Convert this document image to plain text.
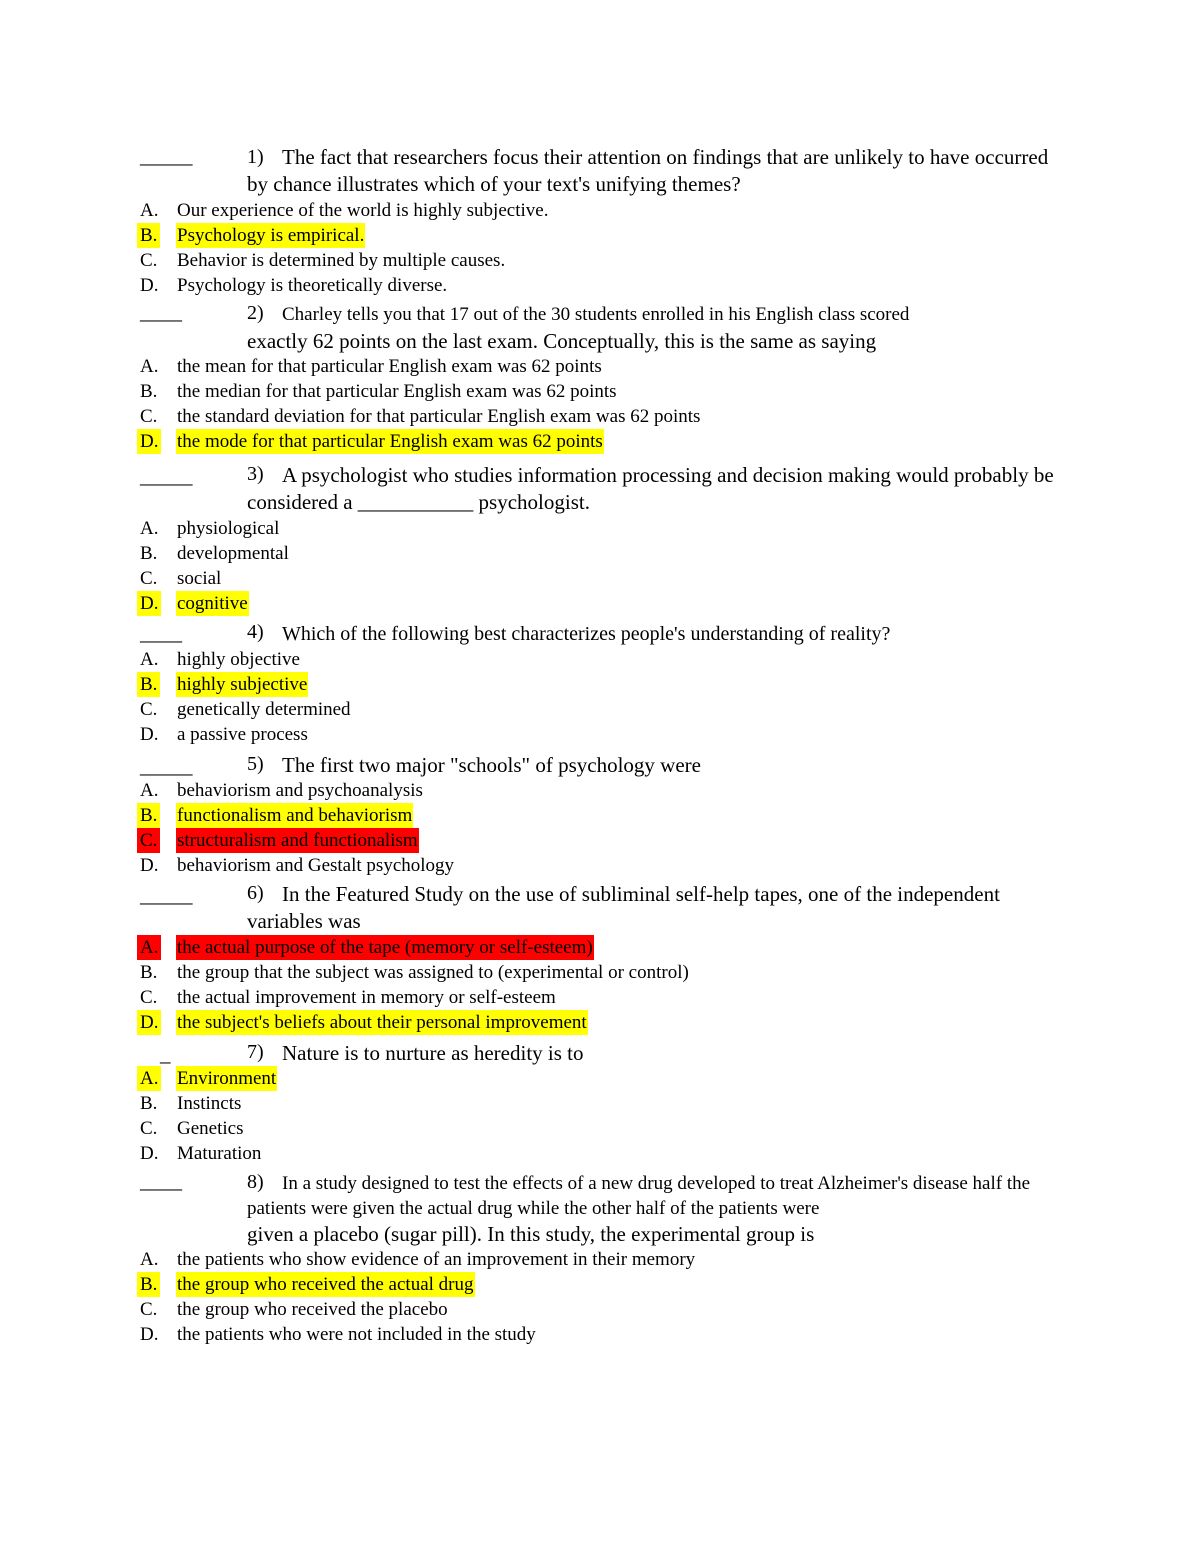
_____	1) The fact that researchers focus their attention on findings that are unlikely to have occurred by chance illustrates which of your text's unifying themes?
A. Our experience of the world is highly subjective.
B. Psychology is empirical.
C. Behavior is determined by multiple causes.
D. Psychology is theoretically diverse.
____	2) Charley tells you that 17 out of the 30 students enrolled in his English class scored
exactly 62 points on the last exam. Conceptually, this is the same as saying
A. the mean for that particular English exam was 62 points
B. the median for that particular English exam was 62 points
C. the standard deviation for that particular English exam was 62 points
D. the mode for that particular English exam was 62 points
_____	3) A psychologist who studies information processing and decision making would probably be considered a ___________ psychologist.
A. physiological
B. developmental
C. social
D. cognitive
____	4) Which of the following best characterizes people's understanding of reality?
A. highly objective
B. highly subjective
C. genetically determined
D. a passive process
_____	5) The first two major "schools" of psychology were
A. behaviorism and psychoanalysis
B. functionalism and behaviorism
C. structuralism and functionalism
D. behaviorism and Gestalt psychology
_____	6) In the Featured Study on the use of subliminal self-help tapes, one of the independent variables was
A. the actual purpose of the tape (memory or self-esteem)
B. the group that the subject was assigned to (experimental or control)
C. the actual improvement in memory or self-esteem
D. the subject's beliefs about their personal improvement
_	7) Nature is to nurture as heredity is to
A. Environment
B. Instincts
C. Genetics
D. Maturation
____	8) In a study designed to test the effects of a new drug developed to treat Alzheimer's disease half the patients were given the actual drug while the other half of the patients were
given a placebo (sugar pill). In this study, the experimental group is
A. the patients who show evidence of an improvement in their memory
B. the group who received the actual drug
C. the group who received the placebo
D. the patients who were not included in the study
